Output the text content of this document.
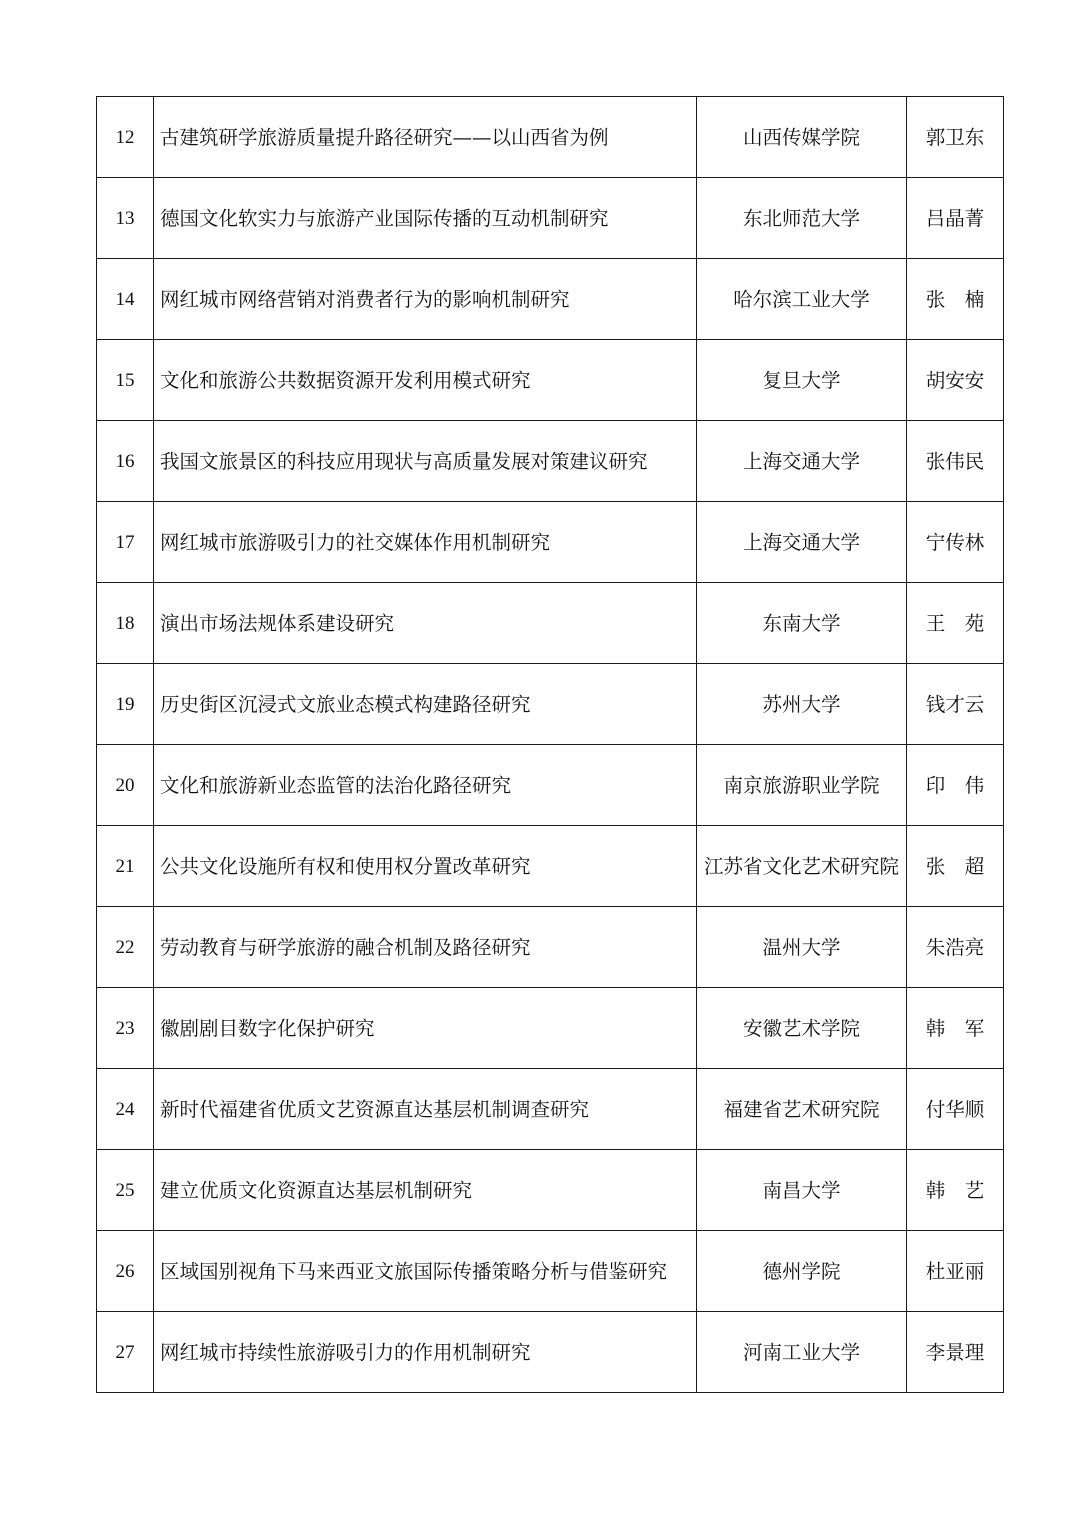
12	古建筑研学旅游质量提升路径研究——以山西省为例	山西传媒学院	郭卫东
13	德国文化软实力与旅游产业国际传播的互动机制研究	东北师范大学	吕晶菁
14	网红城市网络营销对消费者行为的影响机制研究	哈尔滨工业大学	张　楠
15	文化和旅游公共数据资源开发利用模式研究	复旦大学	胡安安
16	我国文旅景区的科技应用现状与高质量发展对策建议研究	上海交通大学	张伟民
17	网红城市旅游吸引力的社交媒体作用机制研究	上海交通大学	宁传林
18	演出市场法规体系建设研究	东南大学	王　苑
19	历史街区沉浸式文旅业态模式构建路径研究	苏州大学	钱才云
20	文化和旅游新业态监管的法治化路径研究	南京旅游职业学院	印　伟
21	公共文化设施所有权和使用权分置改革研究	江苏省文化艺术研究院	张　超
22	劳动教育与研学旅游的融合机制及路径研究	温州大学	朱浩亮
23	徽剧剧目数字化保护研究	安徽艺术学院	韩　军
24	新时代福建省优质文艺资源直达基层机制调查研究	福建省艺术研究院	付华顺
25	建立优质文化资源直达基层机制研究	南昌大学	韩　艺
26	区域国别视角下马来西亚文旅国际传播策略分析与借鉴研究	德州学院	杜亚丽
27	网红城市持续性旅游吸引力的作用机制研究	河南工业大学	李景理
